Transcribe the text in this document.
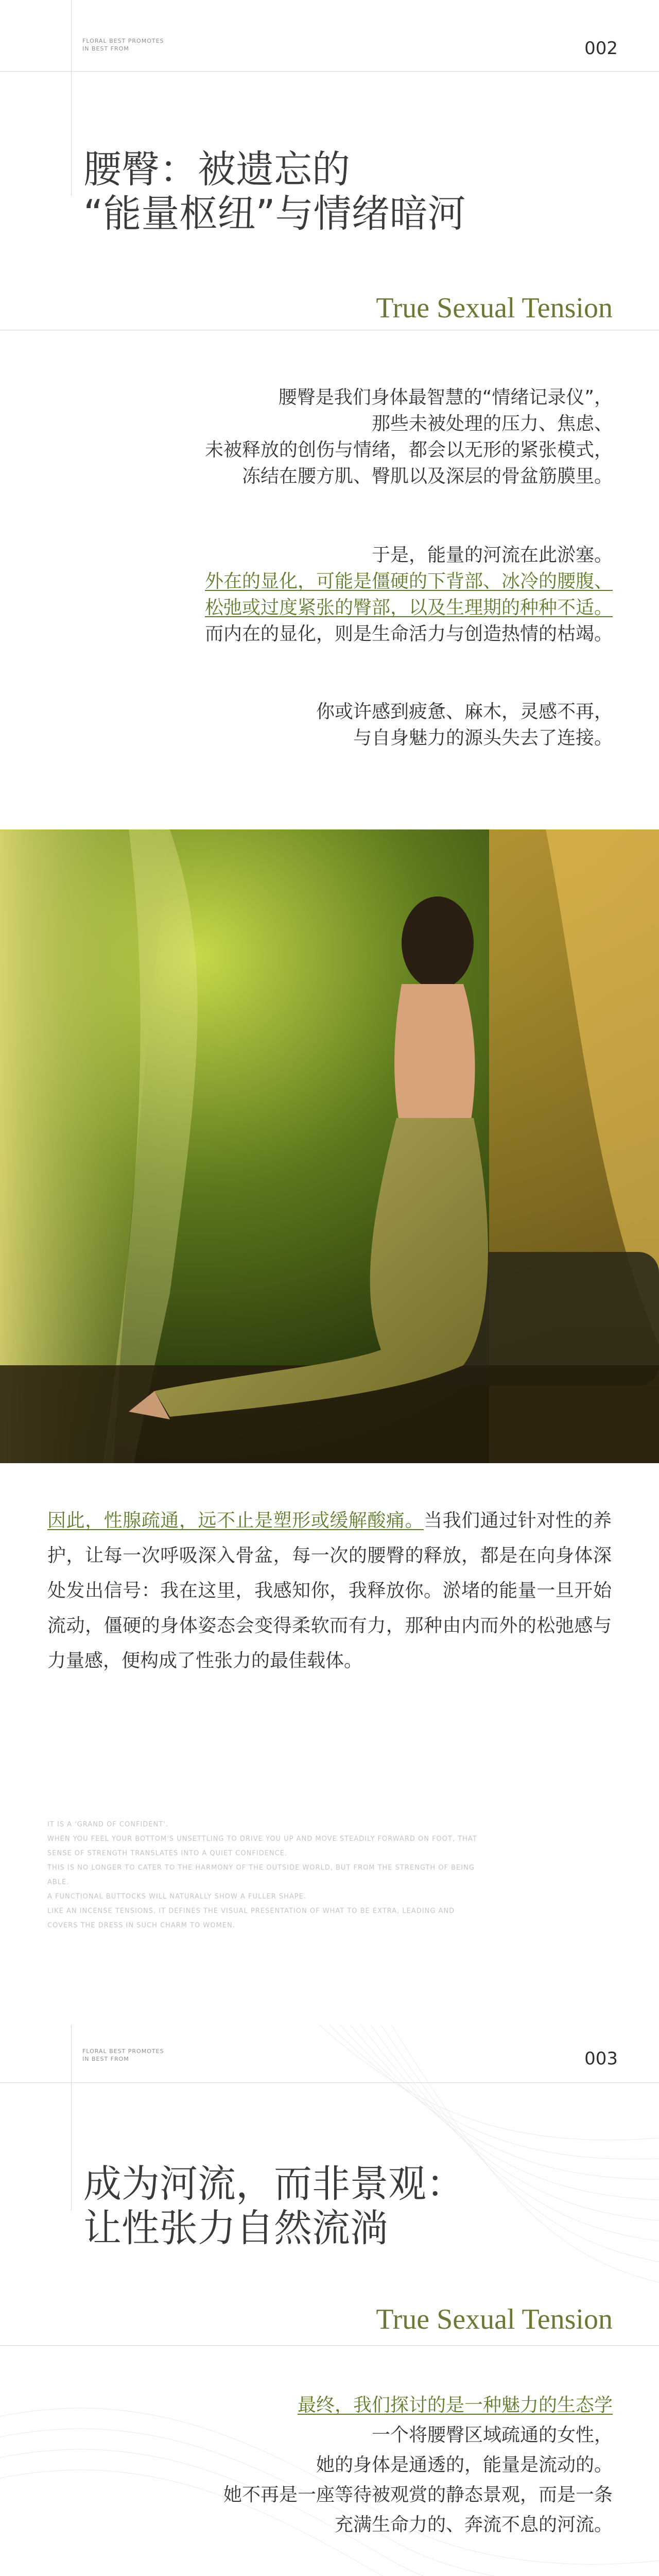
FLORAL BEST PROMOTES
IN BEST FROM	002
腰臀：被遗忘的
“能量枢纽”与情绪暗河
True Sexual Tension
腰臀是我们身体最智慧的“情绪记录仪”，
那些未被处理的压力、焦虑、
未被释放的创伤与情绪，都会以无形的紧张模式，
冻结在腰方肌、臀肌以及深层的骨盆筋膜里。
于是，能量的河流在此淤塞。
外在的显化，可能是僵硬的下背部、冰冷的腰腹、
松弛或过度紧张的臀部，以及生理期的种种不适。
而内在的显化，则是生命活力与创造热情的枯竭。
你或许感到疲惫、麻木，灵感不再，
与自身魅力的源头失去了连接。
因此，性腺疏通，远不止是塑形或缓解酸痛。当我们通过针对性的养护，让每一次呼吸深入骨盆，每一次的腰臀的释放，都是在向身体深处发出信号：我在这里，我感知你，我释放你。淤堵的能量一旦开始流动，僵硬的身体姿态会变得柔软而有力，那种由内而外的松弛感与力量感，便构成了性张力的最佳载体。
IT IS A 'GRAND OF CONFIDENT'.
WHEN YOU FEEL YOUR BOTTOM'S UNSETTLING TO DRIVE YOU UP AND MOVE STEADILY FORWARD ON FOOT, THAT
SENSE OF STRENGTH TRANSLATES INTO A QUIET CONFIDENCE.
THIS IS NO LONGER TO CATER TO THE HARMONY OF THE OUTSIDE WORLD, BUT FROM THE STRENGTH OF BEING
ABLE.
A FUNCTIONAL BUTTOCKS WILL NATURALLY SHOW A FULLER SHAPE.
LIKE AN INCENSE TENSIONS, IT DEFINES THE VISUAL PRESENTATION OF WHAT TO BE EXTRA, LEADING AND
COVERS THE DRESS IN SUCH CHARM TO WOMEN.
FLORAL BEST PROMOTES
IN BEST FROM	003
成为河流，而非景观：
让性张力自然流淌
True Sexual Tension
最终，我们探讨的是一种魅力的生态学
一个将腰臀区域疏通的女性，
她的身体是通透的，能量是流动的。
她不再是一座等待被观赏的静态景观，而是一条
充满生命力的、奔流不息的河流。
